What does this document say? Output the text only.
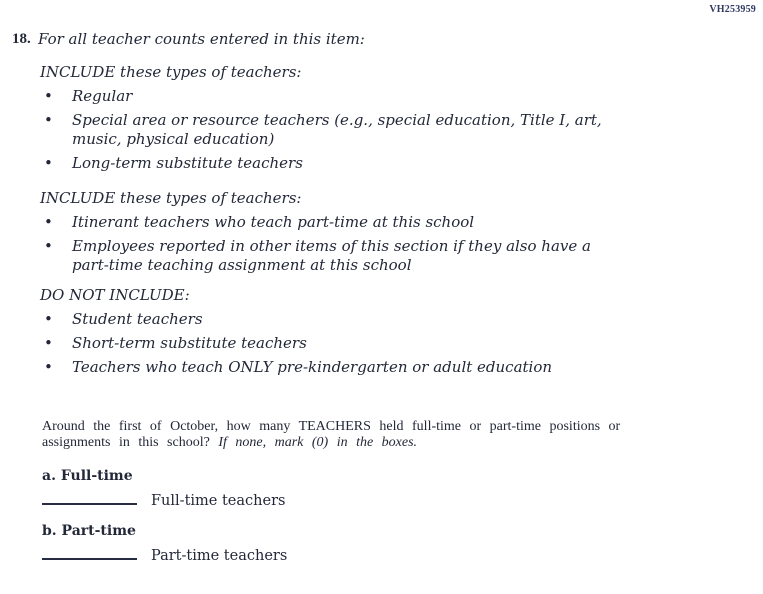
VH253959
18. For all teacher counts entered in this item:
INCLUDE these types of teachers:
• Regular
• Special area or resource teachers (e.g., special education, Title I, art, music, physical education)
• Long-term substitute teachers
INCLUDE these types of teachers:
• Itinerant teachers who teach part-time at this school
• Employees reported in other items of this section if they also have a part-time teaching assignment at this school
DO NOT INCLUDE:
• Student teachers
• Short-term substitute teachers
• Teachers who teach ONLY pre-kindergarten or adult education
Around the first of October, how many TEACHERS held full-time or part-time positions or
assignments in this school? If none, mark (0) in the boxes.
a. Full-time
Full-time teachers
b. Part-time
Part-time teachers
